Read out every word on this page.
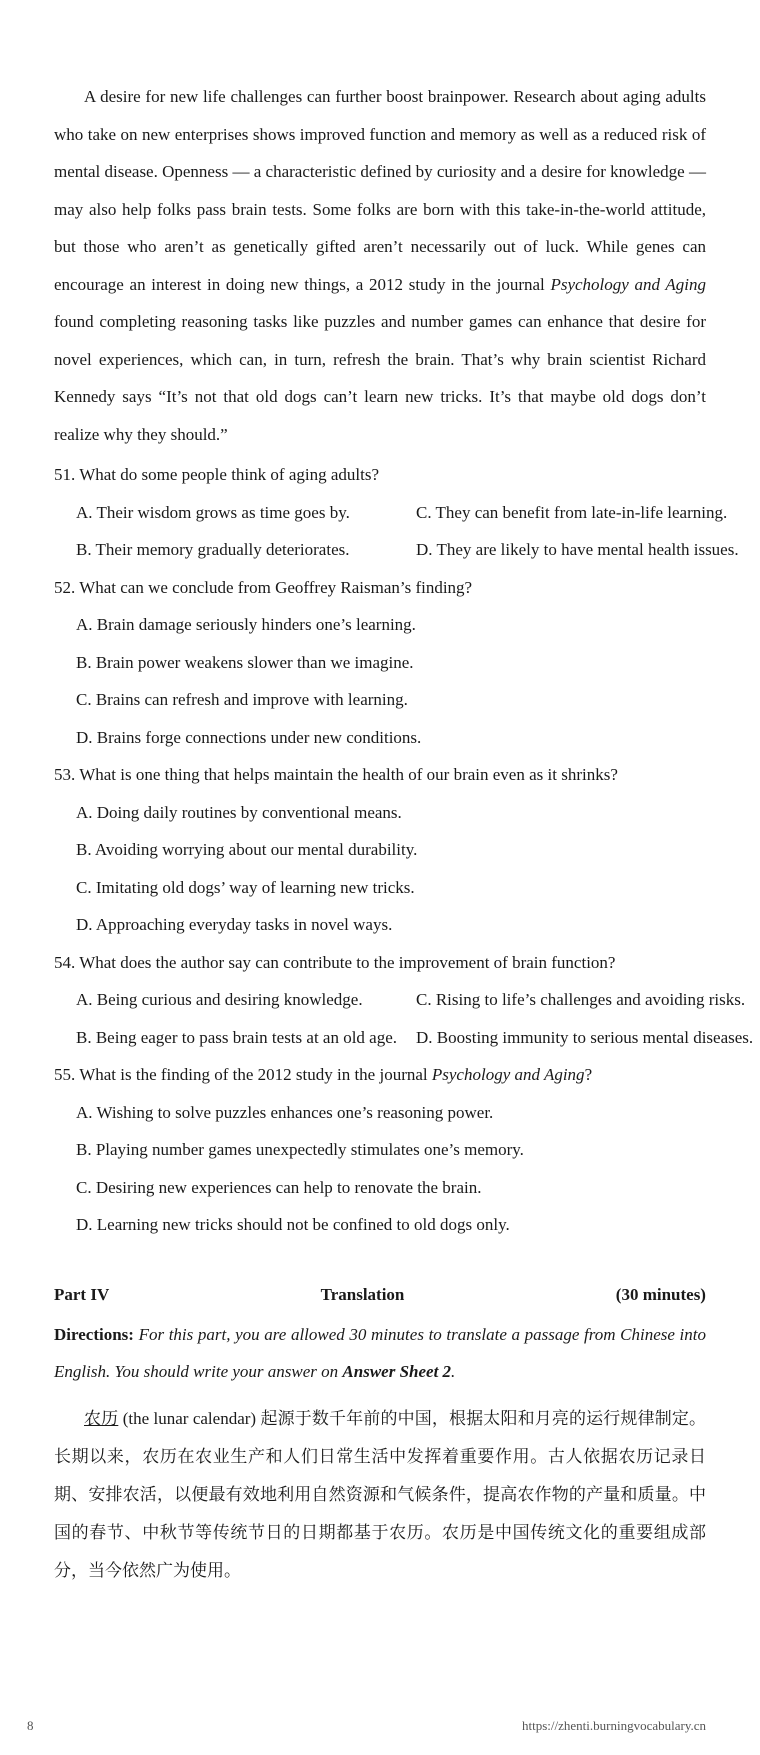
A desire for new life challenges can further boost brainpower. Research about aging adults who take on new enterprises shows improved function and memory as well as a reduced risk of mental disease. Openness — a characteristic defined by curiosity and a desire for knowledge — may also help folks pass brain tests. Some folks are born with this take-in-the-world attitude, but those who aren’t as genetically gifted aren’t necessarily out of luck. While genes can encourage an interest in doing new things, a 2012 study in the journal Psychology and Aging found completing reasoning tasks like puzzles and number games can enhance that desire for novel experiences, which can, in turn, refresh the brain. That’s why brain scientist Richard Kennedy says “It’s not that old dogs can’t learn new tricks. It’s that maybe old dogs don’t realize why they should.”

51. What do some people think of aging adults?

A. Their wisdom grows as time goes by.	C. They can benefit from late-in-life learning.
B. Their memory gradually deteriorates.	D. They are likely to have mental health issues.

52. What can we conclude from Geoffrey Raisman’s finding?

A. Brain damage seriously hinders one’s learning.
B. Brain power weakens slower than we imagine.
C. Brains can refresh and improve with learning.
D. Brains forge connections under new conditions.

53. What is one thing that helps maintain the health of our brain even as it shrinks?

A. Doing daily routines by conventional means.
B. Avoiding worrying about our mental durability.
C. Imitating old dogs’ way of learning new tricks.
D. Approaching everyday tasks in novel ways.

54. What does the author say can contribute to the improvement of brain function?

A. Being curious and desiring knowledge.	C. Rising to life’s challenges and avoiding risks.
B. Being eager to pass brain tests at an old age.	D. Boosting immunity to serious mental diseases.

55. What is the finding of the 2012 study in the journal Psychology and Aging?

A. Wishing to solve puzzles enhances one’s reasoning power.
B. Playing number games unexpectedly stimulates one’s memory.
C. Desiring new experiences can help to renovate the brain.
D. Learning new tricks should not be confined to old dogs only.
Part IV	Translation	(30 minutes)

Directions: For this part, you are allowed 30 minutes to translate a passage from Chinese into English. You should write your answer on Answer Sheet 2.

农历 (the lunar calendar) 起源于数千年前的中国，根据太阳和月亮的运行规律制定。长期以来，农历在农业生产和人们日常生活中发挥着重要作用。古人依据农历记录日期、安排农活，以便最有效地利用自然资源和气候条件，提高农作物的产量和质量。中国的春节、中秋节等传统节日的日期都基于农历。农历是中国传统文化的重要组成部分，当今依然广为使用。

8	https://zhenti.burningvocabulary.cn
